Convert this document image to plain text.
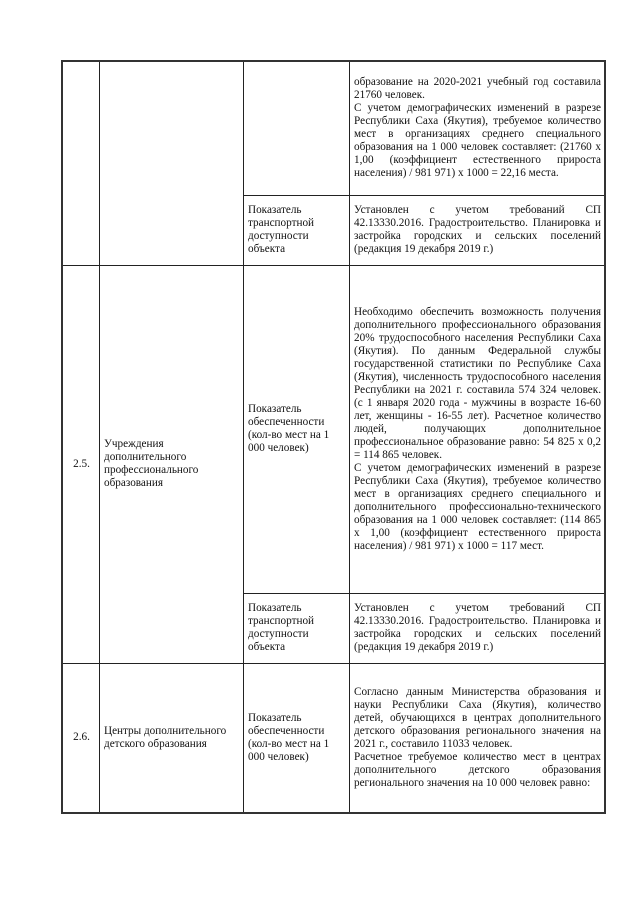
			образование на 2020-2021 учебный год составила 21760 человек.

С учетом демографических изменений в разрезе Республики Саха (Якутия), требуемое количество мест в организациях среднего специального образования на 1 000 человек составляет: (21760 х 1,00 (коэффициент естественного прироста населения) / 981 971) х 1000 = 22,16 места.

		Показатель транспортной доступности объекта	Установлен с учетом требований СП 42.13330.2016. Градостроительство. Планировка и застройка городских и сельских поселений (редакция 19 декабря 2019 г.)

2.5.	Учреждения дополнительного профессионального образования	Показатель обеспеченности (кол-во мест на 1 000 человек)	Необходимо обеспечить возможность получения дополнительного профессионального образования 20% трудоспособного населения Республики Саха (Якутия). По данным Федеральной службы государственной статистики по Республике Саха (Якутия), численность трудоспособного населения Республики на 2021 г. составила 574 324 человек. (с 1 января 2020 года - мужчины в возрасте 16-60 лет, женщины - 16-55 лет). Расчетное количество людей, получающих дополнительное профессиональное образование равно: 54 825 х 0,2 = 114 865 человек.

С учетом демографических изменений в разрезе Республики Саха (Якутия), требуемое количество мест в организациях среднего специального и дополнительного профессионально-технического образования на 1 000 человек составляет: (114 865 х 1,00 (коэффициент естественного прироста населения) / 981 971) х 1000 = 117 мест.

		Показатель транспортной доступности объекта	Установлен с учетом требований СП 42.13330.2016. Градостроительство. Планировка и застройка городских и сельских поселений (редакция 19 декабря 2019 г.)

2.6.	Центры дополнительного детского образования	Показатель обеспеченности (кол-во мест на 1 000 человек)	Согласно данным Министерства образования и науки Республики Саха (Якутия), количество детей, обучающихся в центрах дополнительного детского образования регионального значения на 2021 г., составило 11033 человек.

Расчетное требуемое количество мест в центрах дополнительного детского образования регионального значения на 10 000 человек равно:
